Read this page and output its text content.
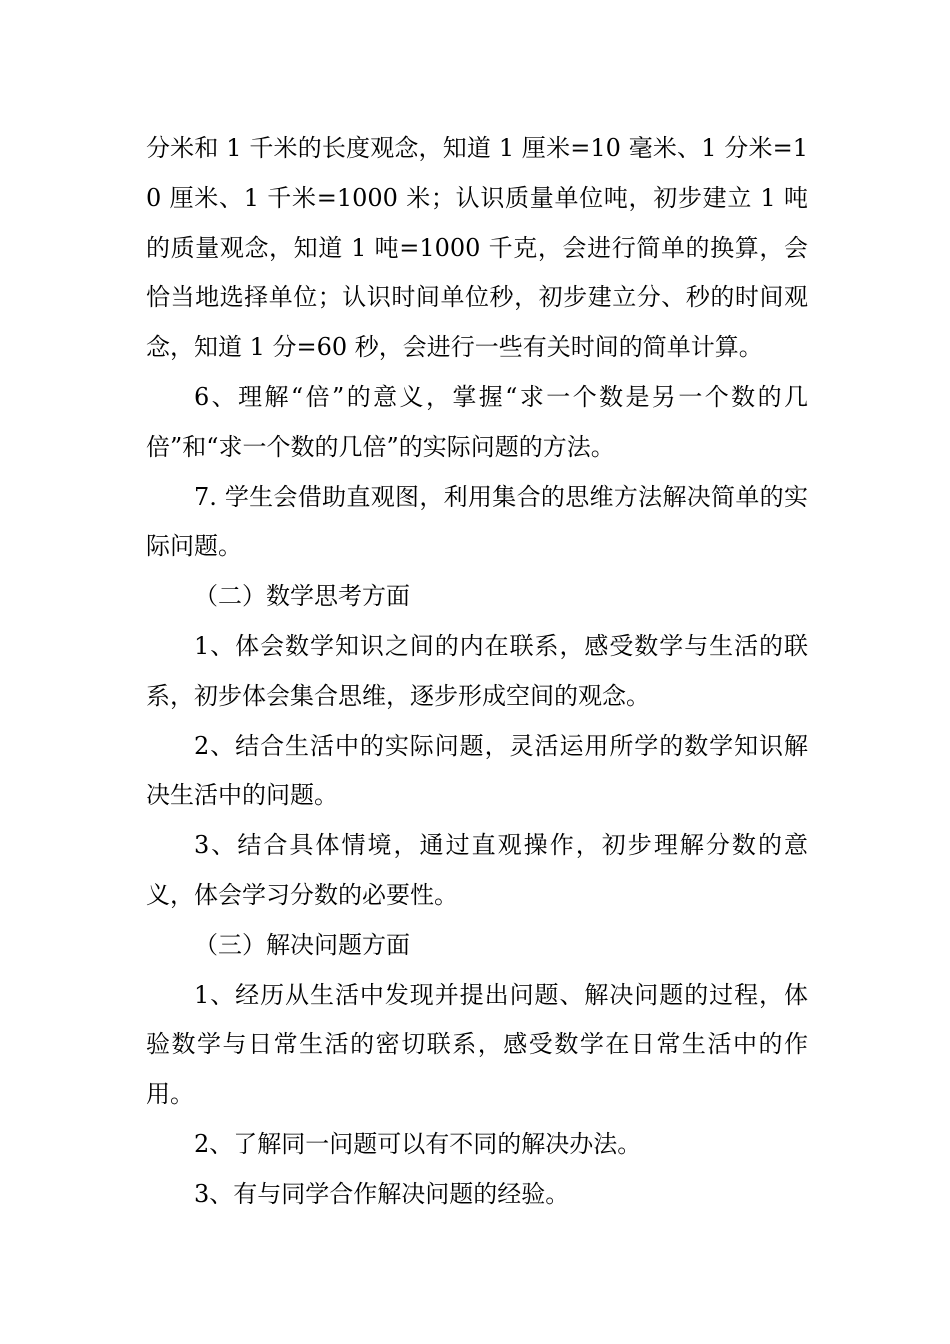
分米和 1 千米的长度观念，知道 1 厘米=10 毫米、1 分米=10 厘米、1 千米=1000 米；认识质量单位吨，初步建立 1 吨的质量观念，知道 1 吨=1000 千克，会进行简单的换算，会恰当地选择单位；认识时间单位秒，初步建立分、秒的时间观念，知道 1 分=60 秒，会进行一些有关时间的简单计算。

6、理解“倍”的意义，掌握“求一个数是另一个数的几倍”和“求一个数的几倍”的实际问题的方法。

7. 学生会借助直观图，利用集合的思维方法解决简单的实际问题。

（二）数学思考方面

1、体会数学知识之间的内在联系，感受数学与生活的联系，初步体会集合思维，逐步形成空间的观念。

2、结合生活中的实际问题，灵活运用所学的数学知识解决生活中的问题。

3、结合具体情境，通过直观操作，初步理解分数的意义，体会学习分数的必要性。

（三）解决问题方面

1、经历从生活中发现并提出问题、解决问题的过程，体验数学与日常生活的密切联系，感受数学在日常生活中的作用。

2、了解同一问题可以有不同的解决办法。

3、有与同学合作解决问题的经验。
